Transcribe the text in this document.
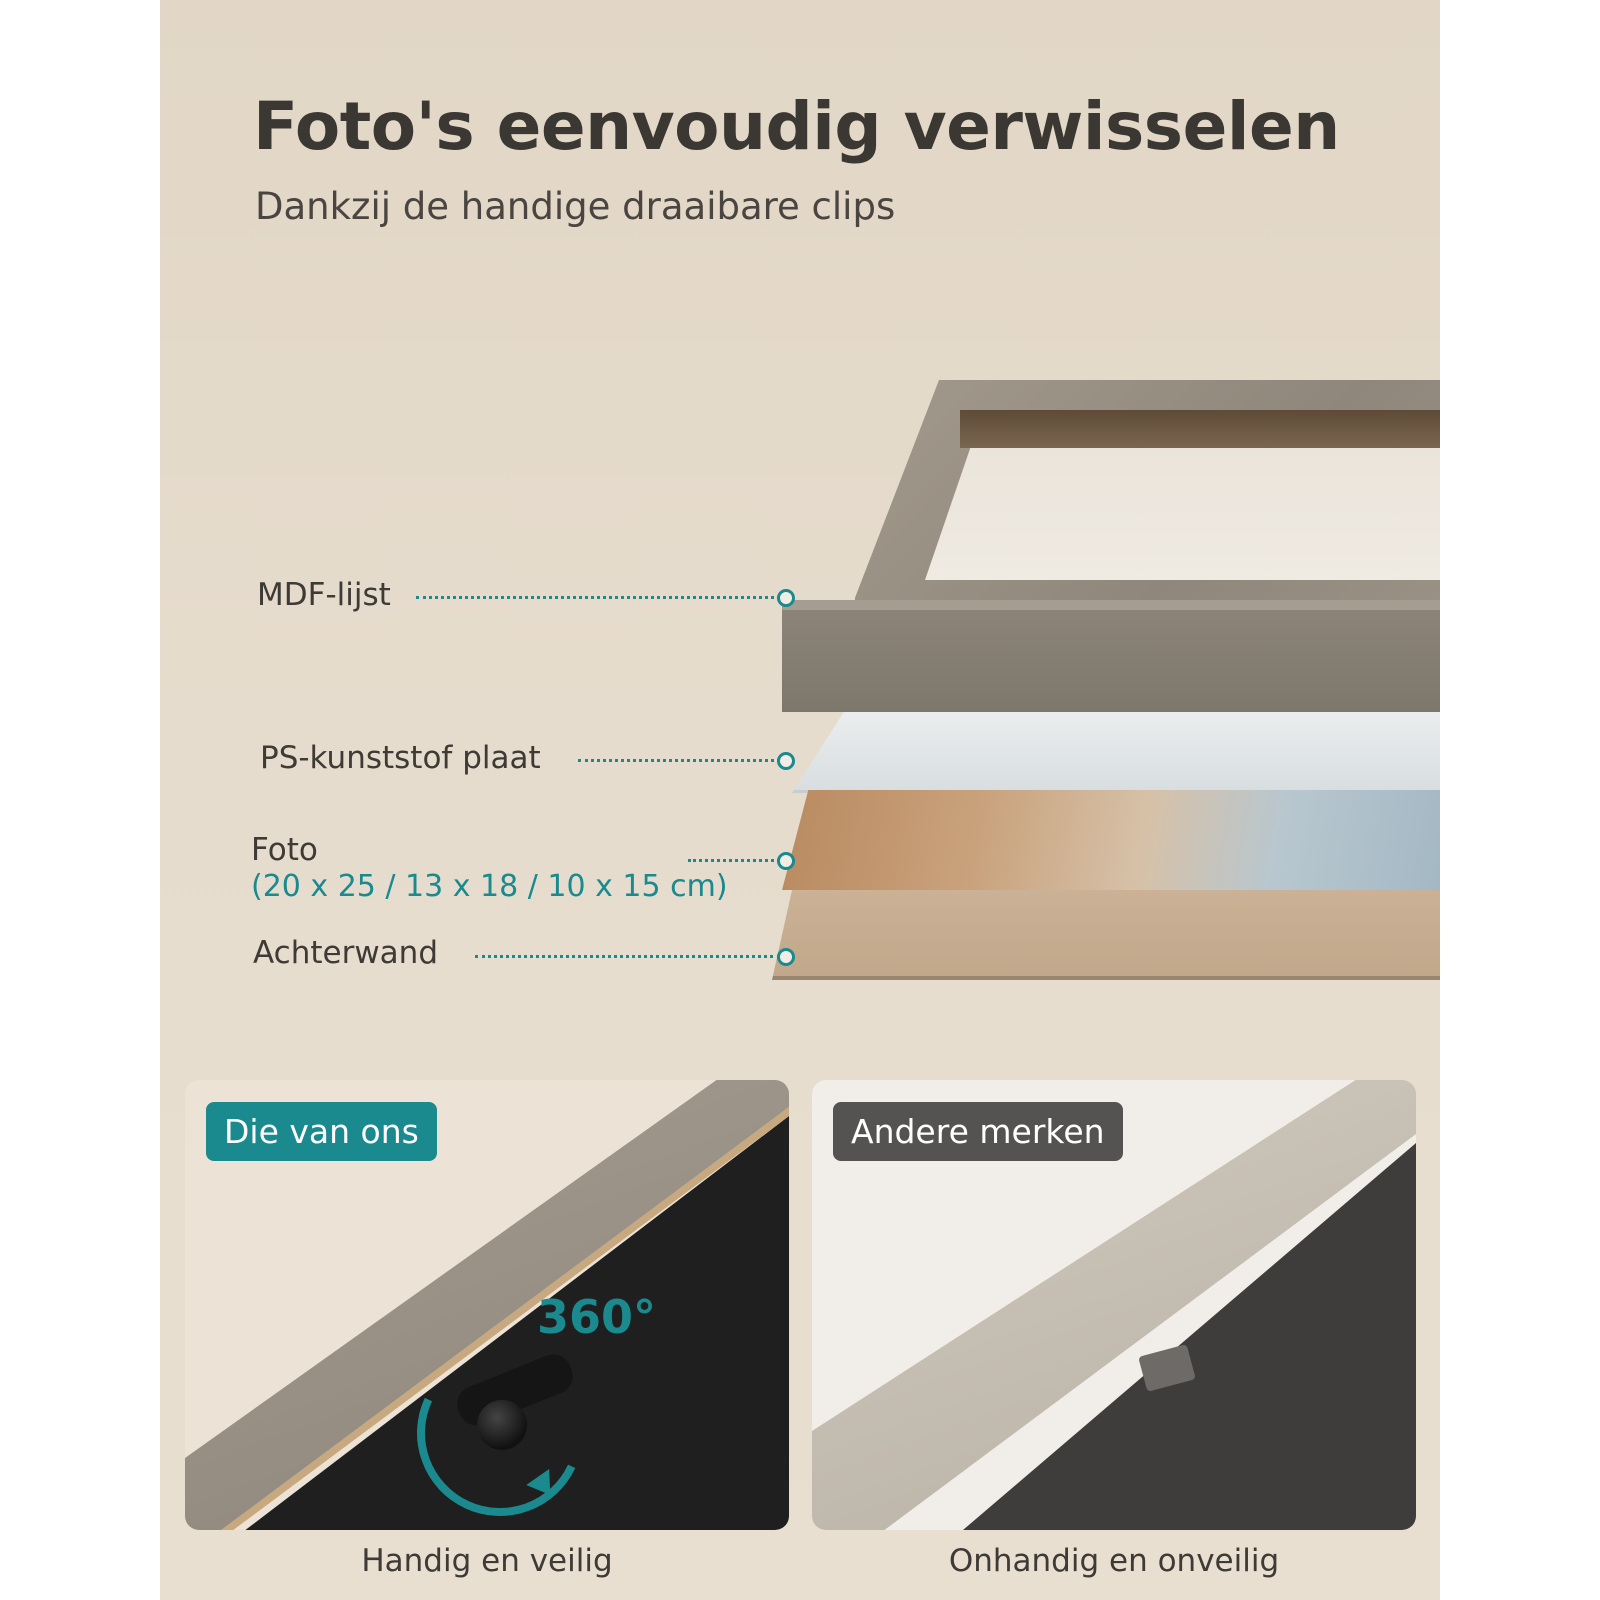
Foto's eenvoudig verwisselen
Dankzij de handige draaibare clips
MDF-lijst
PS-kunststof plaat
Foto
(20 x 25 / 13 x 18 / 10 x 15 cm)
Achterwand
360°
Die van ons
Handig en veilig
Andere merken
Onhandig en onveilig
